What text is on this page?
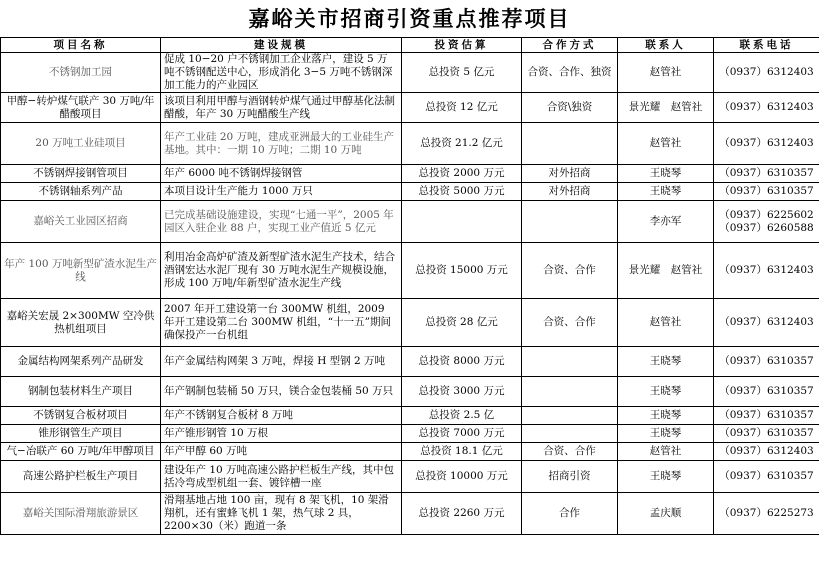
嘉峪关市招商引资重点推荐项目
项目名称	建设规模	投资估算	合作方式	联系人	联系电话
不锈钢加工园	促成 10−20 户不锈钢加工企业落户，建设 5 万吨不锈钢配送中心，形成消化 3−5 万吨不锈钢深加工能力的产业园区	总投资 5 亿元	合资、合作、独资	赵管社	（0937）6312403
甲醇−转炉煤气联产 30 万吨/年醋酸项目	该项目利用甲醇与酒钢转炉煤气通过甲醇基化法制醋酸，年产 30 万吨醋酸生产线	总投资 12 亿元	合资\独资	景光耀　赵管社	（0937）6312403
20 万吨工业硅项目	年产工业硅 20 万吨，建成亚洲最大的工业硅生产基地。其中：一期 10 万吨；二期 10 万吨	总投资 21.2 亿元		赵管社	（0937）6312403
不锈钢焊接钢管项目	年产 6000 吨不锈钢焊接钢管	总投资 2000 万元	对外招商	王晓琴	（0937）6310357
不锈钢轴系列产品	本项目设计生产能力 1000 万只	总投资 5000 万元	对外招商	王晓琴	（0937）6310357
嘉峪关工业园区招商	已完成基础设施建设，实现“七通一平”，2005 年园区入驻企业 88 户，实现工业产值近 5 亿元			李亦军	（0937）6225602
（0937）6260588
年产 100 万吨新型矿渣水泥生产线	利用冶金高炉矿渣及新型矿渣水泥生产技术，结合酒钢宏达水泥厂现有 30 万吨水泥生产规模设施，形成 100 万吨/年新型矿渣水泥生产线	总投资 15000 万元	合资、合作	景光耀　赵管社	（0937）6312403
嘉峪关宏晟 2×300MW 空冷供热机组项目	2007 年开工建设第一台 300MW 机组，2009 年开工建设第二台 300MW 机组，“十一五”期间确保投产一台机组	总投资 28 亿元	合资、合作	赵管社	（0937）6312403
金属结构网架系列产品研发	年产金属结构网架 3 万吨，焊接 H 型钢 2 万吨	总投资 8000 万元		王晓琴	（0937）6310357
钢制包装材料生产项目	年产钢制包装桶 50 万只，镁合金包装桶 50 万只	总投资 3000 万元		王晓琴	（0937）6310357
不锈钢复合板材项目	年产不锈钢复合板材 8 万吨	总投资 2.5 亿		王晓琴	（0937）6310357
锥形钢管生产项目	年产锥形钢管 10 万根	总投资 7000 万元		王晓琴	（0937）6310357
气−冶联产 60 万吨/年甲醇项目	年产甲醇 60 万吨	总投资 18.1 亿元	合资、合作	赵管社	（0937）6312403
高速公路护栏板生产项目	建设年产 10 万吨高速公路护栏板生产线，其中包括冷弯成型机组一套、镀锌槽一座	总投资 10000 万元	招商引资	王晓琴	（0937）6310357
嘉峪关国际滑翔旅游景区	滑翔基地占地 100 亩，现有 8 架飞机，10 架滑翔机，还有蜜蜂飞机 1 架，热气球 2 具，2200×30（米）跑道一条	总投资 2260 万元	合作	孟庆顺	（0937）6225273
